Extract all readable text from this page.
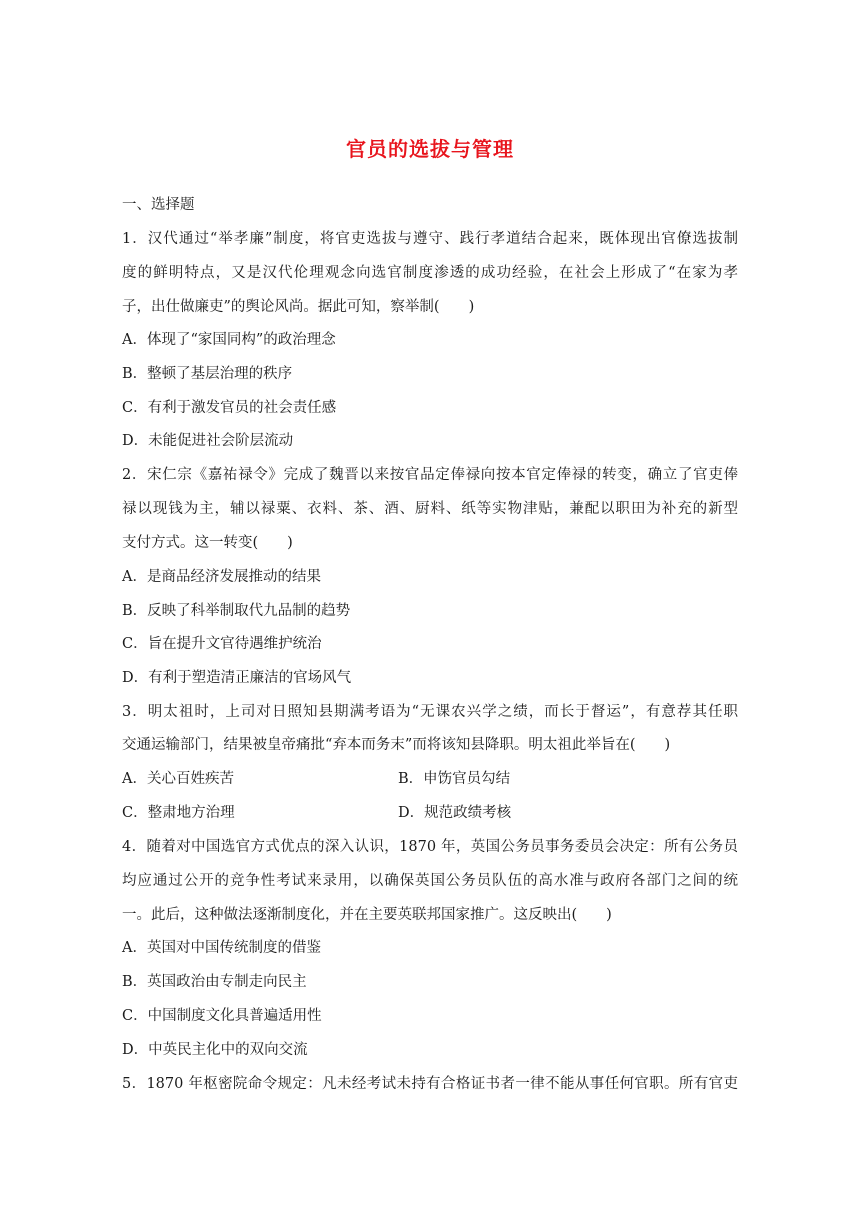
官员的选拔与管理
一、选择题
1．汉代通过“举孝廉”制度，将官吏选拔与遵守、践行孝道结合起来，既体现出官僚选拔制
度的鲜明特点，又是汉代伦理观念向选官制度渗透的成功经验，在社会上形成了“在家为孝
子，出仕做廉吏”的舆论风尚。据此可知，察举制(　　)
A．体现了“家国同构”的政治理念
B．整顿了基层治理的秩序
C．有利于激发官员的社会责任感
D．未能促进社会阶层流动
2．宋仁宗《嘉祐禄令》完成了魏晋以来按官品定俸禄向按本官定俸禄的转变，确立了官吏俸
禄以现钱为主，辅以禄粟、衣料、茶、酒、厨料、纸等实物津贴，兼配以职田为补充的新型
支付方式。这一转变(　　)
A．是商品经济发展推动的结果
B．反映了科举制取代九品制的趋势
C．旨在提升文官待遇维护统治
D．有利于塑造清正廉洁的官场风气
3．明太祖时，上司对日照知县期满考语为“无课农兴学之绩，而长于督运”，有意荐其任职
交通运输部门，结果被皇帝痛批“弃本而务末”而将该知县降职。明太祖此举旨在(　　)
A．关心百姓疾苦	B．申饬官员勾结
C．整肃地方治理	D．规范政绩考核
4．随着对中国选官方式优点的深入认识，1870 年，英国公务员事务委员会决定：所有公务员
均应通过公开的竞争性考试来录用，以确保英国公务员队伍的高水准与政府各部门之间的统
一。此后，这种做法逐渐制度化，并在主要英联邦国家推广。这反映出(　　)
A．英国对中国传统制度的借鉴
B．英国政治由专制走向民主
C．中国制度文化具普遍适用性
D．中英民主化中的双向交流
5．1870 年枢密院命令规定：凡未经考试未持有合格证书者一律不能从事任何官职。所有官吏
